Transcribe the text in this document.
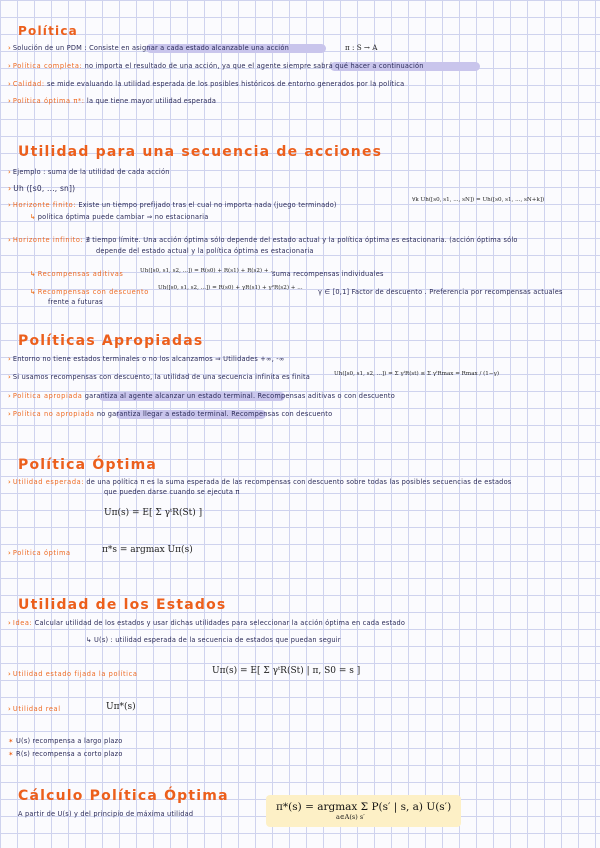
Política
› Solución de un PDM : Consiste en asignar a cada estado alcanzable una acción	π : S → A
› Política completa: no importa el resultado de una acción, ya que el agente siempre sabrá qué hacer a continuación
› Calidad: se mide evaluando la utilidad esperada de los posibles históricos de entorno generados por la política
› Política óptima π*: la que tiene mayor utilidad esperada
Utilidad para una secuencia de acciones
› Ejemplo : suma de la utilidad de cada acción
› Uh ([s0, ..., sn])
› Horizonte finito: Existe un tiempo prefijado tras el cual no importa nada (juego terminado)
∀k Uh([s0, s1, ..., sN]) = Uh([s0, s1, ..., sN+k])
↳ política óptima puede cambiar ⇒ no estacionaria
› Horizonte infinito: ∄ tiempo límite. Una acción óptima sólo depende del estado actual y la política óptima es estacionaria. (acción óptima sólo
depende del estado actual y la política óptima es estacionaria
↳ Recompensas aditivas	Uh([s0, s1, s2, ...]) = R(s0) + R(s1) + R(s2) + ...
suma recompensas individuales
↳ Recompensas con descuento Uh([s0, s1, s2, ...]) = R(s0) + γR(s1) + γ²R(s2) + ... γ ∈ [0,1] Factor de descuento . Preferencia por recompensas actuales
frente a futuras
Políticas Apropiadas
› Entorno no tiene estados terminales o no los alcanzamos ⇒ Utilidades +∞, -∞
› Si usamos recompensas con descuento, la utilidad de una secuencia infinita es finita	Uh([s0, s1, s2, ...]) = Σ γᵗR(st) ≤ Σ γᵗRmax = Rmax / (1−γ)
› Política apropiada garantiza al agente alcanzar un estado terminal. Recompensas aditivas o con descuento
› Política no apropiada no garantiza llegar a estado terminal. Recompensas con descuento
Política Óptima
› Utilidad esperada: de una política π es la suma esperada de las recompensas con descuento sobre todas las posibles secuencias de estados
que pueden darse cuando se ejecuta π
Uπ(s) = E[ Σ γᵗR(St) ]
› Política óptima	π*s = argmax Uπ(s)
Utilidad de los Estados
› Idea: Calcular utilidad de los estados y usar dichas utilidades para seleccionar la acción óptima en cada estado
↳ U(s) : utilidad esperada de la secuencia de estados que puedan seguir
› Utilidad estado fijada la política	Uπ(s) = E[ Σ γᵗR(St) | π, S0 = s ]
› Utilidad real	Uπ*(s)
✶ U(s) recompensa a largo plazo
✶ R(s) recompensa a corto plazo
Cálculo Política Óptima
A partir de U(s) y del principio de máxima utilidad
π*(s) = argmax Σ P(s′ | s, a) U(s′)
a∈A(s) s′
